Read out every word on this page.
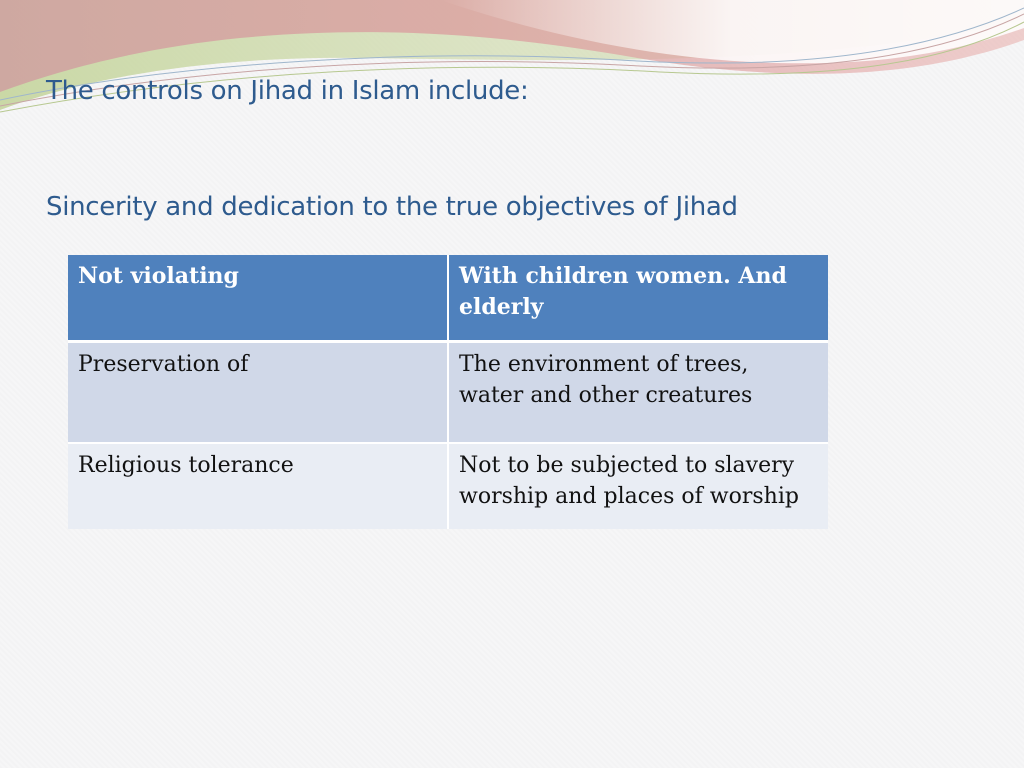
The controls on Jihad in Islam include:
Sincerity and dedication to the true objectives of Jihad
Not violating	With children women. And elderly
Preservation of	The environment of trees, water and other creatures
Religious tolerance	Not to be subjected to slavery worship and places of worship
